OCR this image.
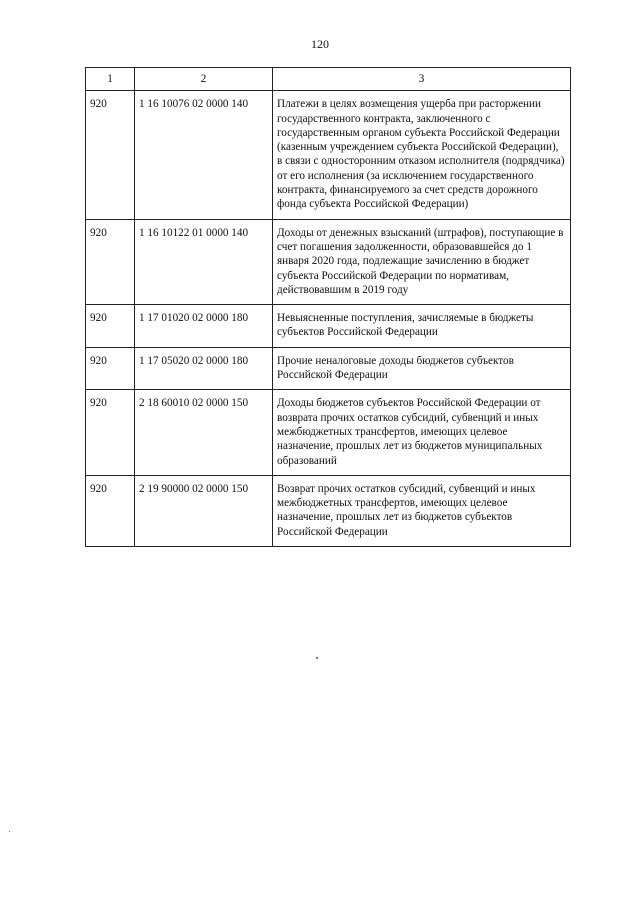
120
1	2	3
920	1 16 10076 02 0000 140	Платежи в целях возмещения ущерба при расторжении государственного контракта, заключенного с государственным органом субъекта Российской Федерации (казенным учреждением субъекта Российской Федерации), в связи с односторонним отказом исполнителя (подрядчика) от его исполнения (за исключением государственного контракта, финансируемого за счет средств дорожного фонда субъекта Российской Федерации)
920	1 16 10122 01 0000 140	Доходы от денежных взысканий (штрафов), поступающие в счет погашения задолженности, образовавшейся до 1 января 2020 года, подлежащие зачислению в бюджет субъекта Российской Федерации по нормативам, действовавшим в 2019 году
920	1 17 01020 02 0000 180	Невыясненные поступления, зачисляемые в бюджеты субъектов Российской Федерации
920	1 17 05020 02 0000 180	Прочие неналоговые доходы бюджетов субъектов Российской Федерации
920	2 18 60010 02 0000 150	Доходы бюджетов субъектов Российской Федерации от возврата прочих остатков субсидий, субвенций и иных межбюджетных трансфертов, имеющих целевое назначение, прошлых лет из бюджетов муниципальных образований
920	2 19 90000 02 0000 150	Возврат прочих остатков субсидий, субвенций и иных межбюджетных трансфертов, имеющих целевое назначение, прошлых лет из бюджетов субъектов Российской Федерации
